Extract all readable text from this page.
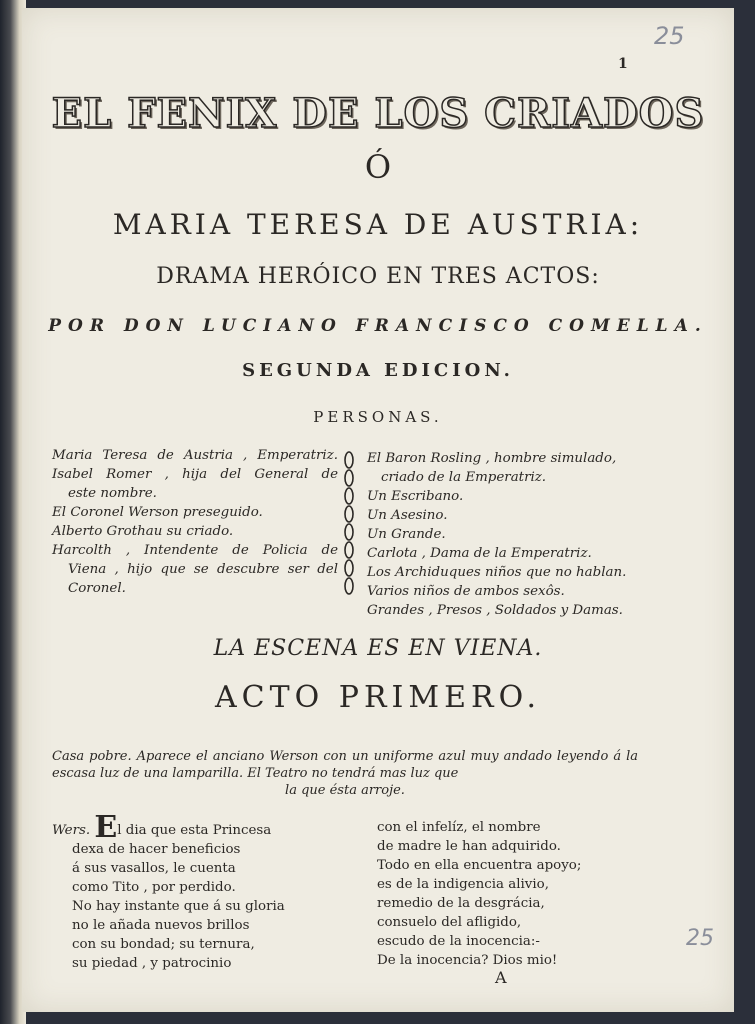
25
1
EL FENIX DE LOS CRIADOS
Ó
MARIA TERESA DE AUSTRIA:
DRAMA HERÓICO EN TRES ACTOS:
POR DON LUCIANO FRANCISCO COMELLA.
SEGUNDA EDICION.
PERSONAS.
Maria Teresa de Austria , Emperatriz.
Isabel Romer , hija del General de
este nombre.
El Coronel Werson preseguido.
Alberto Grothau su criado.
Harcolth , Intendente de Policia de
Viena , hijo que se descubre ser del
Coronel.
El Baron Rosling , hombre simulado,
criado de la Emperatriz.
Un Escribano.
Un Asesino.
Un Grande.
Carlota , Dama de la Emperatriz.
Los Archiduques niños que no hablan.
Varios niños de ambos sexôs.
Grandes , Presos , Soldados y Damas.
LA ESCENA ES EN VIENA.
ACTO PRIMERO.
Casa pobre. Aparece el anciano Werson con un uniforme azul muy andado leyendo á la escasa luz de una lamparilla. El Teatro no tendrá mas luz que
la que ésta arroje.
Wers. El dia que esta Princesa
dexa de hacer beneficios
á sus vasallos, le cuenta
como Tito , por perdido.
No hay instante que á su gloria
no le añada nuevos brillos
con su bondad; su ternura,
su piedad , y patrocinio
con el infelíz, el nombre
de madre le han adquirido.
Todo en ella encuentra apoyo;
es de la indigencia alivio,
remedio de la desgrácia,
consuelo del afligido,
escudo de la inocencia:-
De la inocencia? Dios mio!
A
25
